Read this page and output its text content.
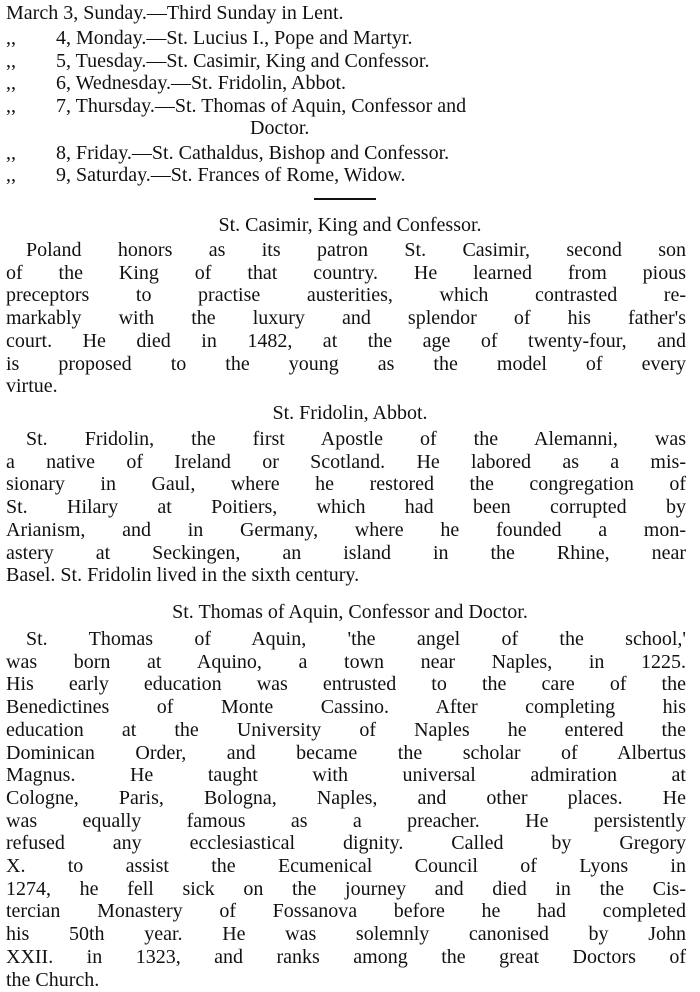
March 3, Sunday.—Third Sunday in Lent.
,,        4, Monday.—St. Lucius I., Pope and Martyr.
,,        5, Tuesday.—St. Casimir, King and Confessor.
,,        6, Wednesday.—St. Fridolin, Abbot.
,,        7, Thursday.—St. Thomas of Aquin, Confessor and
Doctor.
,,        8, Friday.—St. Cathaldus, Bishop and Confessor.
,,        9, Saturday.—St. Frances of Rome, Widow.
St. Casimir, King and Confessor.
Poland honors as its patron St. Casimir, second son
of the King of that country. He learned from pious
preceptors to practise austerities, which contrasted re-
markably with the luxury and splendor of his father's
court. He died in 1482, at the age of twenty-four, and
is proposed to the young as the model of every
virtue.
St. Fridolin, Abbot.
St. Fridolin, the first Apostle of the Alemanni, was
a native of Ireland or Scotland. He labored as a mis-
sionary in Gaul, where he restored the congregation of
St. Hilary at Poitiers, which had been corrupted by
Arianism, and in Germany, where he founded a mon-
astery at Seckingen, an island in the Rhine, near
Basel. St. Fridolin lived in the sixth century.
St. Thomas of Aquin, Confessor and Doctor.
St. Thomas of Aquin, 'the angel of the school,'
was born at Aquino, a town near Naples, in 1225.
His early education was entrusted to the care of the
Benedictines of Monte Cassino. After completing his
education at the University of Naples he entered the
Dominican Order, and became the scholar of Albertus
Magnus. He taught with universal admiration at
Cologne, Paris, Bologna, Naples, and other places. He
was equally famous as a preacher. He persistently
refused any ecclesiastical dignity. Called by Gregory
X. to assist the Ecumenical Council of Lyons in
1274, he fell sick on the journey and died in the Cis-
tercian Monastery of Fossanova before he had completed
his 50th year. He was solemnly canonised by John
XXII. in 1323, and ranks among the great Doctors of
the Church.
